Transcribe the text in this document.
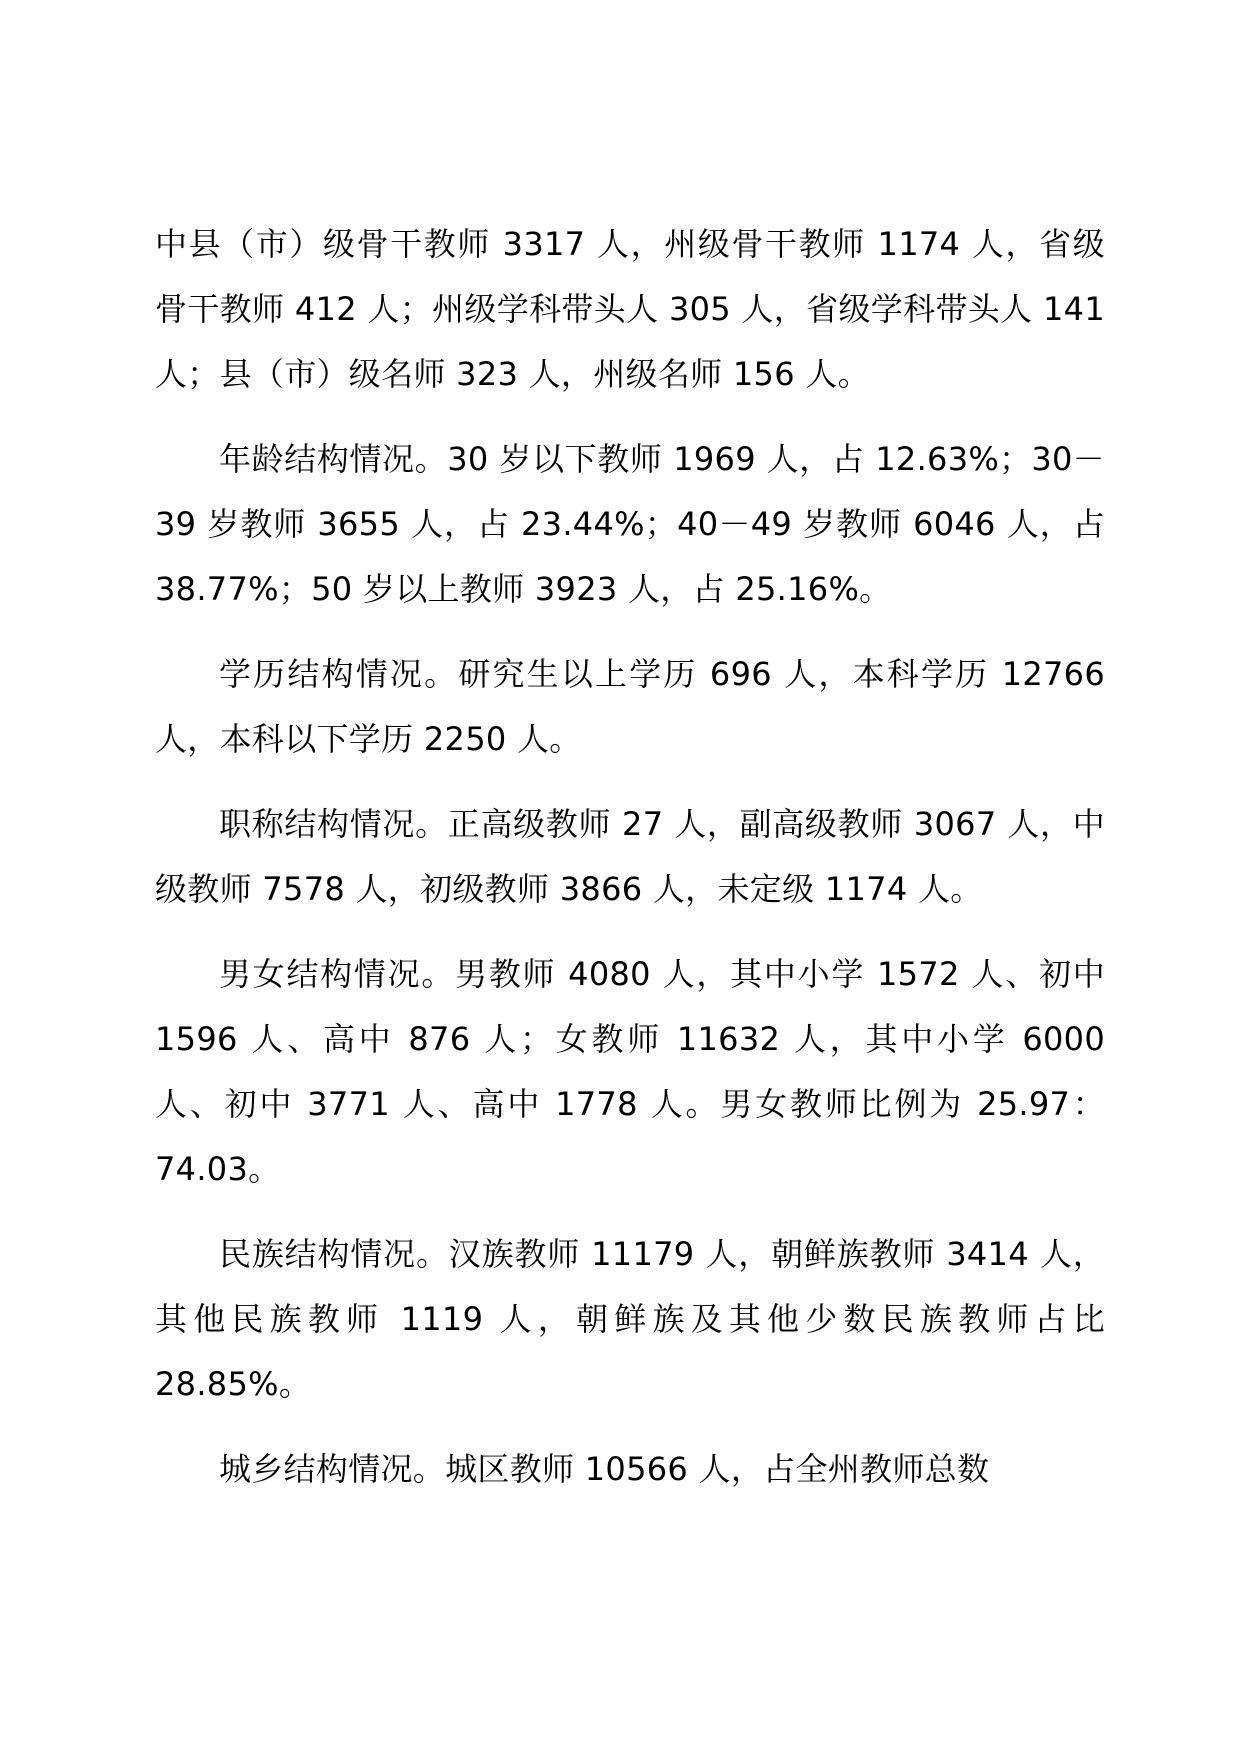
中县（市）级骨干教师 3317 人，州级骨干教师 1174 人，省级骨干教师 412 人；州级学科带头人 305 人，省级学科带头人 141 人；县（市）级名师 323 人，州级名师 156 人。

年龄结构情况。30 岁以下教师 1969 人，占 12.63%；30－39 岁教师 3655 人，占 23.44%；40－49 岁教师 6046 人，占 38.77%；50 岁以上教师 3923 人，占 25.16%。

学历结构情况。研究生以上学历 696 人，本科学历 12766 人，本科以下学历 2250 人。

职称结构情况。正高级教师 27 人，副高级教师 3067 人，中级教师 7578 人，初级教师 3866 人，未定级 1174 人。

男女结构情况。男教师 4080 人，其中小学 1572 人、初中 1596 人、高中 876 人；女教师 11632 人，其中小学 6000 人、初中 3771 人、高中 1778 人。男女教师比例为 25.97：74.03。

民族结构情况。汉族教师 11179 人，朝鲜族教师 3414 人，其他民族教师 1119 人，朝鲜族及其他少数民族教师占比 28.85%。

城乡结构情况。城区教师 10566 人，占全州教师总数
